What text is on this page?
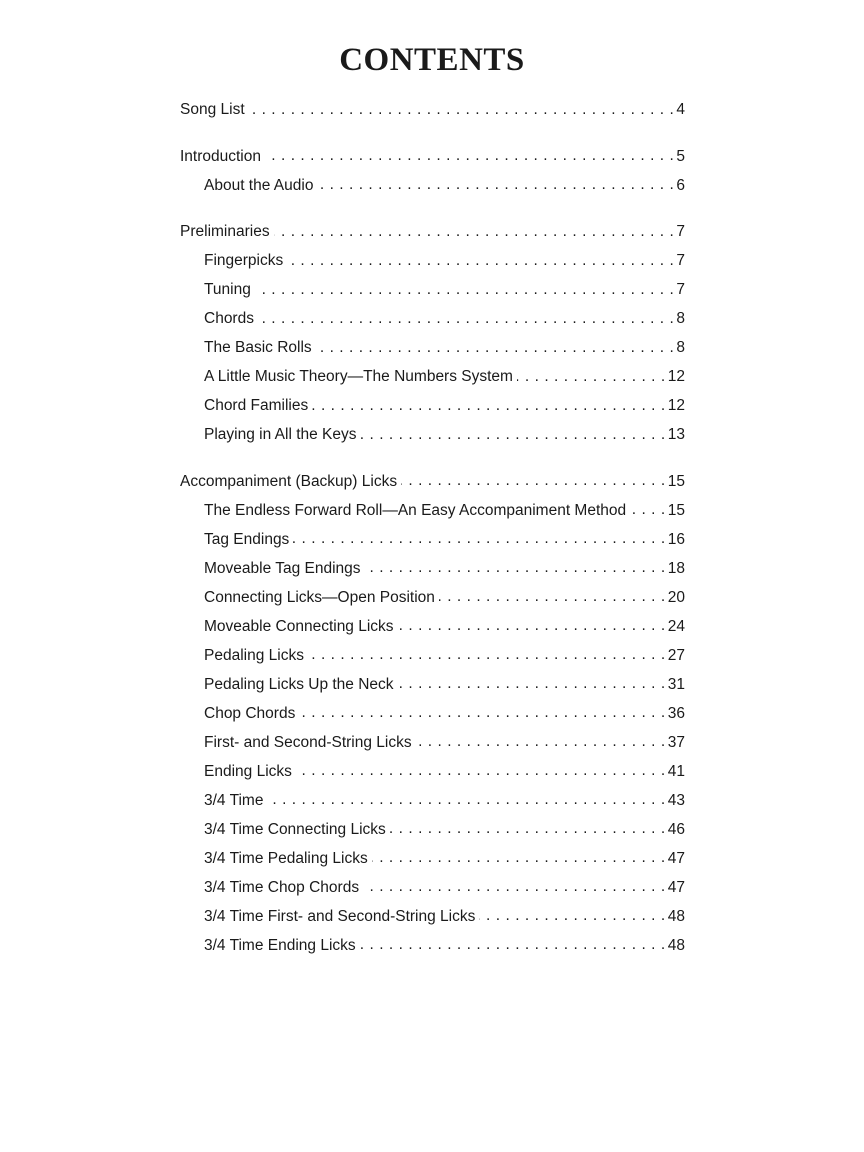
CONTENTS
Song List . . .	4
Introduction . . .	5
About the Audio . . .	6
Preliminaries . . .	7
Fingerpicks . . .	7
Tuning . . .	7
Chords . . .	8
The Basic Rolls . . .	8
A Little Music Theory—The Numbers System . . .	12
Chord Families . . .	12
Playing in All the Keys . . .	13
Accompaniment (Backup) Licks . . .	15
The Endless Forward Roll—An Easy Accompaniment Method . . .	15
Tag Endings . . .	16
Moveable Tag Endings . . .	18
Connecting Licks—Open Position . . .	20
Moveable Connecting Licks . . .	24
Pedaling Licks . . .	27
Pedaling Licks Up the Neck . . .	31
Chop Chords . . .	36
First- and Second-String Licks . . .	37
Ending Licks . . .	41
3/4 Time . . .	43
3/4 Time Connecting Licks . . .	46
3/4 Time Pedaling Licks . . .	47
3/4 Time Chop Chords . . .	47
3/4 Time First- and Second-String Licks . . .	48
3/4 Time Ending Licks . . .	48
